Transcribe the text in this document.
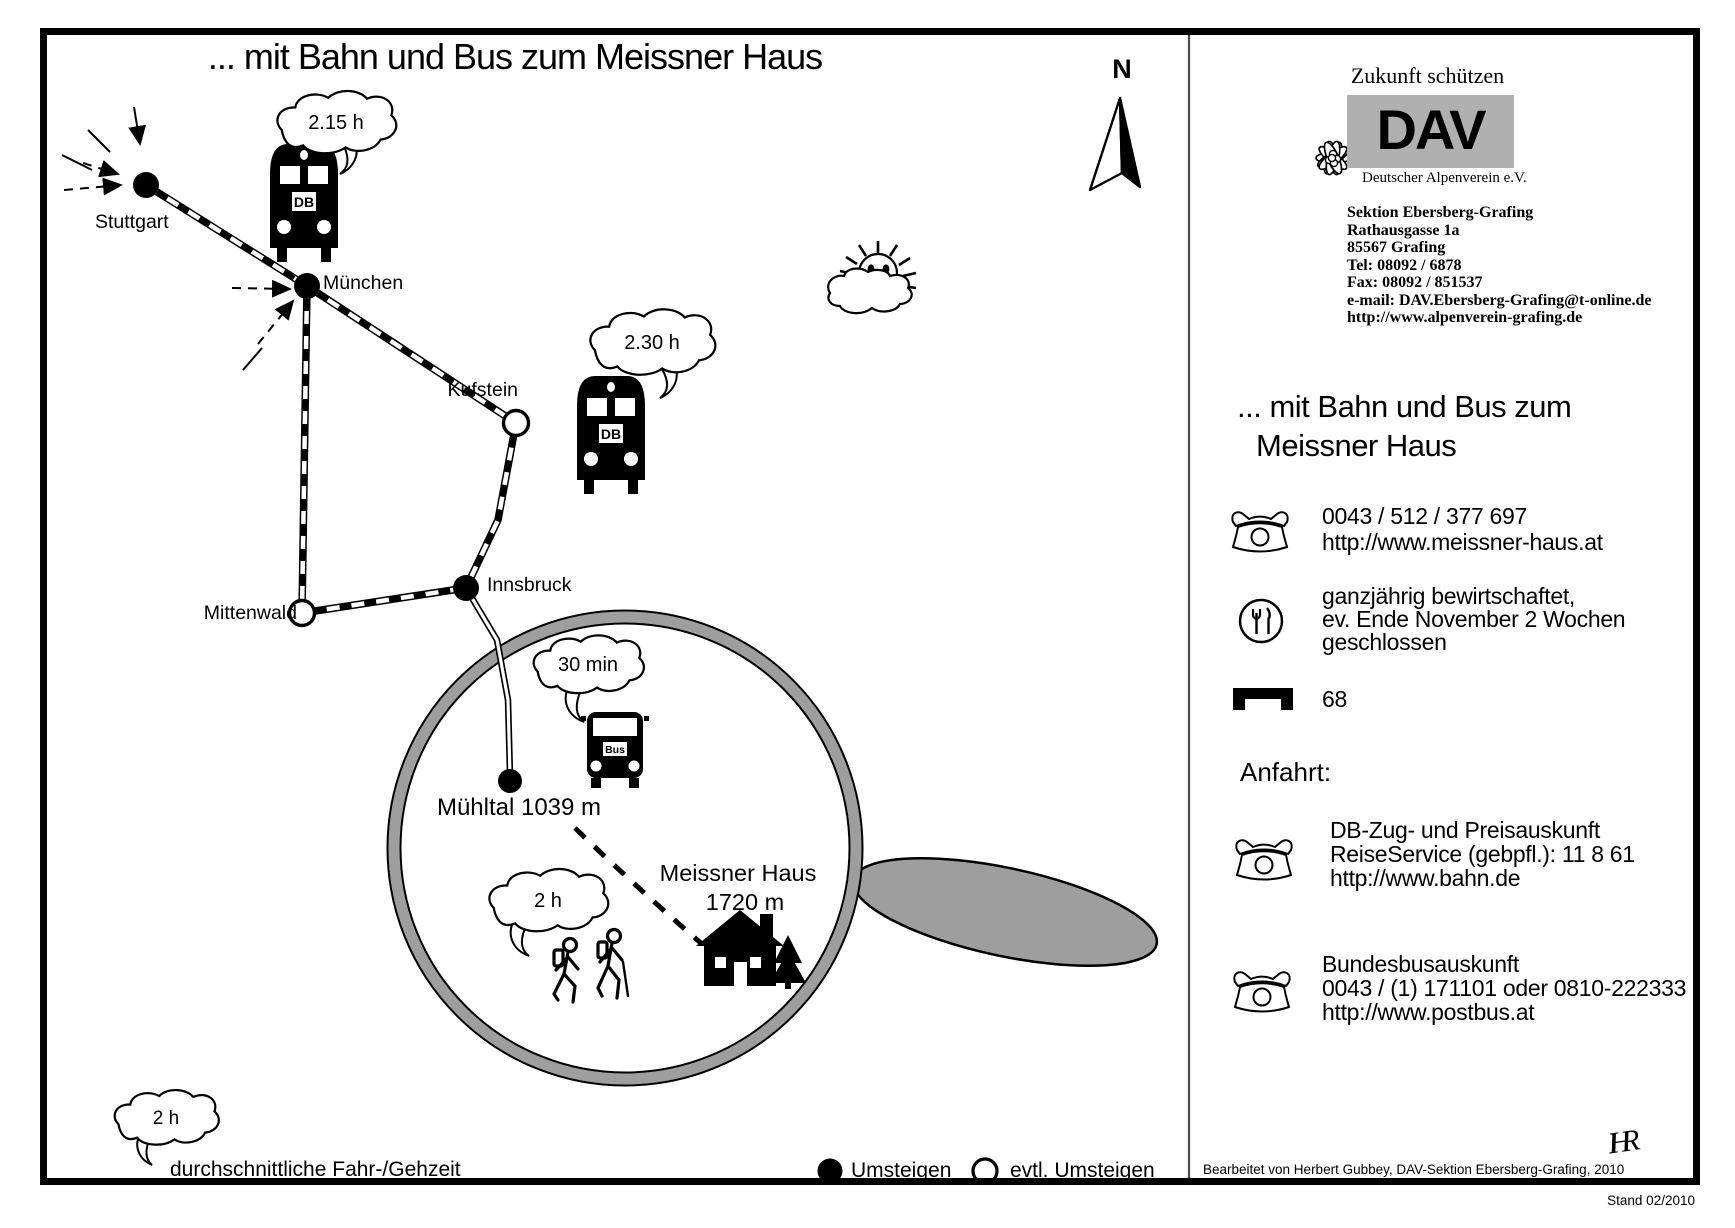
DB
DB
Bus
... mit Bahn und Bus zum Meissner Haus	N
Stuttgart
München
Kufstein
Mittenwald
Innsbruck
Mühltal 1039 m
Meissner Haus
1720 m
2.15 h
2.30 h
30 min
2 h
2 h
durchschnittliche Fahr-/Gehzeit	Umsteigen	evtl. Umsteigen
Zukunft schützen
DAV
Deutscher Alpenverein e.V.
Sektion Ebersberg-Grafing
Rathausgasse 1a
85567 Grafing
Tel: 08092 / 6878
Fax: 08092 / 851537
e-mail: DAV.Ebersberg-Grafing@t-online.de
http://www.alpenverein-grafing.de
... mit Bahn und Bus zum
Meissner Haus
0043 / 512 / 377 697
http://www.meissner-haus.at
ganzjährig bewirtschaftet,
ev. Ende November 2 Wochen
geschlossen
68
Anfahrt:
DB-Zug- und Preisauskunft
ReiseService (gebpfl.): 11 8 61
http://www.bahn.de
Bundesbusauskunft
0043 / (1) 171101 oder 0810-222333
http://www.postbus.at
Bearbeitet von Herbert Gubbey, DAV-Sektion Ebersberg-Grafing, 2010
IHR
Stand 02/2010
